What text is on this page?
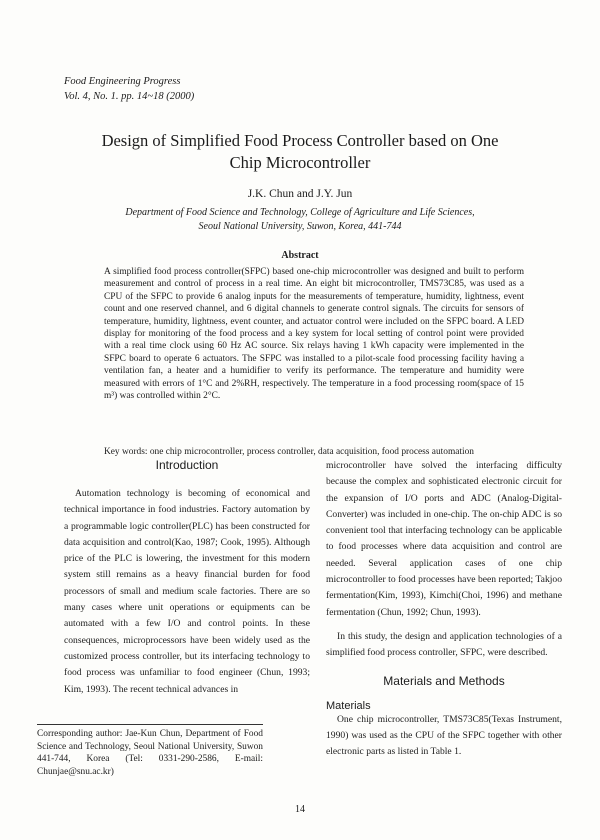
Food Engineering Progress
Vol. 4, No. 1. pp. 14~18 (2000)
Design of Simplified Food Process Controller based on One
Chip Microcontroller
J.K. Chun and J.Y. Jun
Department of Food Science and Technology, College of Agriculture and Life Sciences,
Seoul National University, Suwon, Korea, 441-744
Abstract
A simplified food process controller(SFPC) based one-chip microcontroller was designed and built to perform measurement and control of process in a real time. An eight bit microcontroller, TMS73C85, was used as a CPU of the SFPC to provide 6 analog inputs for the measurements of temperature, humidity, lightness, event count and one reserved channel, and 6 digital channels to generate control signals. The circuits for sensors of temperature, humidity, lightness, event counter, and actuator control were included on the SFPC board. A LED display for monitoring of the food process and a key system for local setting of control point were provided with a real time clock using 60 Hz AC source. Six relays having 1 kWh capacity were implemented in the SFPC board to operate 6 actuators. The SFPC was installed to a pilot-scale food processing facility having a ventilation fan, a heater and a humidifier to verify its performance. The temperature and humidity were measured with errors of 1°C and 2%RH, respectively. The temperature in a food processing room(space of 15 m³) was controlled within 2°C.
Key words: one chip microcontroller, process controller, data acquisition, food process automation

Introduction

Automation technology is becoming of economical and technical importance in food industries. Factory automation by a programmable logic controller(PLC) has been constructed for data acquisition and control(Kao, 1987; Cook, 1995). Although price of the PLC is lowering, the investment for this modern system still remains as a heavy financial burden for food processors of small and medium scale factories. There are so many cases where unit operations or equipments can be automated with a few I/O and control points. In these consequences, microprocessors have been widely used as the customized process controller, but its interfacing technology to food process was unfamiliar to food engineer (Chun, 1993; Kim, 1993). The recent technical advances in

microcontroller have solved the interfacing difficulty because the complex and sophisticated electronic circuit for the expansion of I/O ports and ADC (Analog-Digital-Converter) was included in one-chip. The on-chip ADC is so convenient tool that interfacing technology can be applicable to food processes where data acquisition and control are needed. Several application cases of one chip microcontroller to food processes have been reported; Takjoo fermentation(Kim, 1993), Kimchi(Choi, 1996) and methane fermentation (Chun, 1992; Chun, 1993).

In this study, the design and application technologies of a simplified food process controller, SFPC, were described.

Materials and Methods

Materials

One chip microcontroller, TMS73C85(Texas Instrument, 1990) was used as the CPU of the SFPC together with other electronic parts as listed in Table 1.

Corresponding author: Jae-Kun Chun, Department of Food Science and Technology, Seoul National University, Suwon 441-744, Korea (Tel: 0331-290-2586, E-mail: Chunjae@snu.ac.kr)
14
